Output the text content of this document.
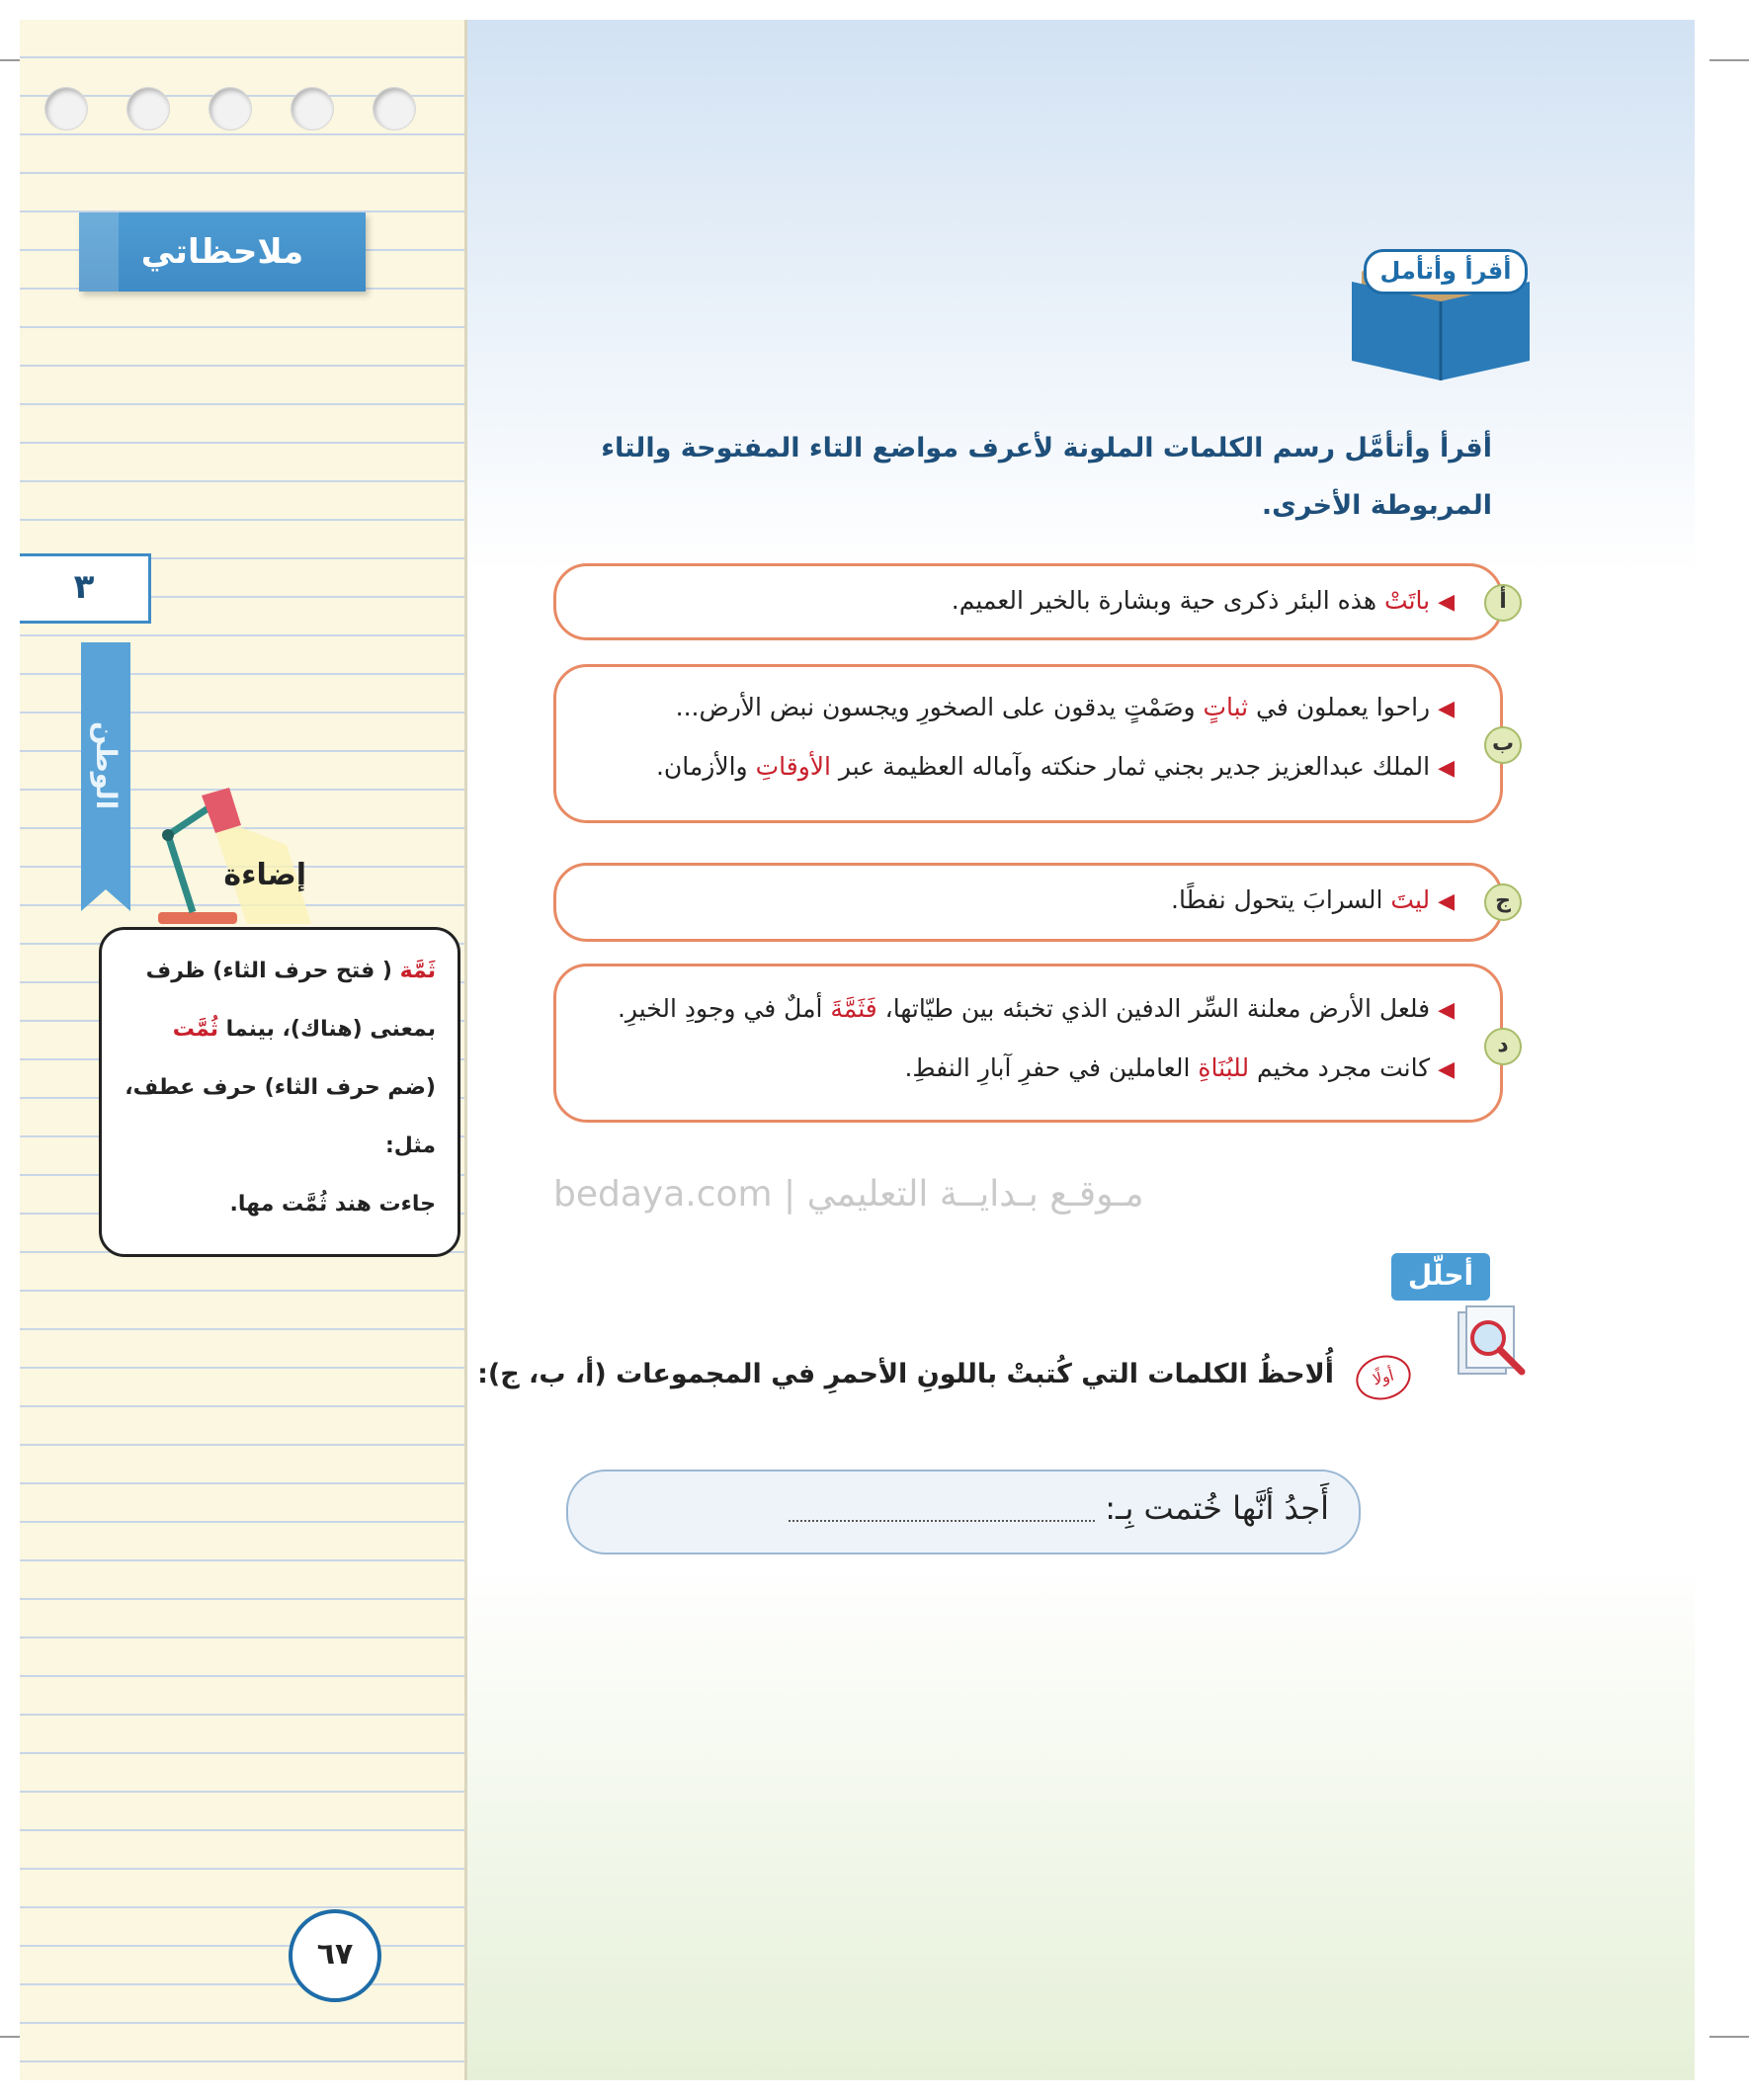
ملاحظاتي
٣
الوطن
إضاءة
ثَمَّة ( فتح حرف الثاء) ظرف بمعنى (هناك)، بينما ثُمَّت (ضم حرف الثاء) حرف عطف، مثل:
جاءت هند ثُمَّت مها.
٦٧
أقرأ وأتأمل
أقرأ وأتأمَّل رسم الكلمات الملونة لأعرف مواضع التاء المفتوحة والتاء المربوطة الأخرى.
أ
◀ باتَتْ هذه البئر ذكرى حية وبشارة بالخير العميم.
ب
◀ راحوا يعملون في ثباتٍ وصَمْتٍ يدقون على الصخورِ ويجسون نبض الأرض...
◀ الملك عبدالعزيز جدير بجني ثمار حنكته وآماله العظيمة عبر الأوقاتِ والأزمان.
ج
◀ ليتَ السرابَ يتحول نفطًا.
د
◀ فلعل الأرض معلنة السِّر الدفين الذي تخبئه بين طيّاتها، فَثَمَّةَ أملٌ في وجودِ الخيرِ.
◀ كانت مجرد مخيم للبُنَاةِ العاملين في حفرِ آبارِ النفطِ.
bedaya.com | مـوقـع بـدايــة التعليمي
أحلّل
أولًا
أُلاحظُ الكلمات التي كُتبتْ باللونِ الأحمرِ في المجموعات (أ، ب، ج):
أَجدُ أنَّها خُتمت بِـ:
